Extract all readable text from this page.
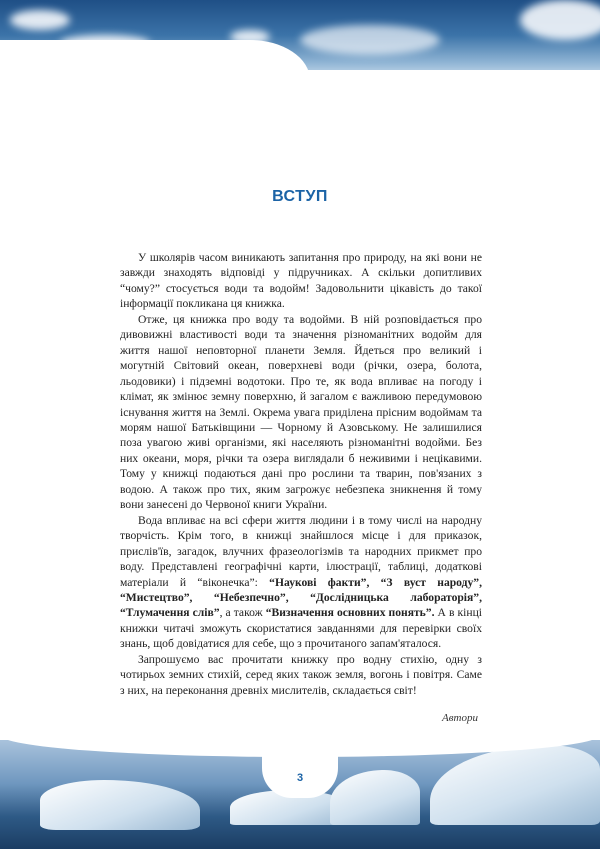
ВСТУП

У школярів часом виникають запитання про природу, на які вони не завжди знаходять відповіді у підручниках. А скільки допитливих “чому?” стосується води та водойм! Задовольнити цікавість до такої інформації покликана ця книжка.

Отже, ця книжка про воду та водойми. В ній розповідається про дивовижні властивості води та значення різноманітних водойм для життя нашої неповторної планети Земля. Йдеться про великий і могутній Світовий океан, поверхневі води (річки, озера, болота, льодовики) і підземні водотоки. Про те, як вода впливає на погоду і клімат, як змінює земну поверхню, й загалом є важливою передумовою існування життя на Землі. Окрема увага приділена прісним водоймам та морям нашої Батьківщини — Чорному й Азовському. Не залишилися поза увагою живі організми, які населяють різноманітні водойми. Без них океани, моря, річки та озера виглядали б неживими і нецікавими. Тому у книжці подаються дані про рослини та тварин, пов'язаних з водою. А також про тих, яким загрожує небезпека зникнення й тому вони занесені до Червоної книги України.

Вода впливає на всі сфери життя людини і в тому числі на народну творчість. Крім того, в книжці знайшлося місце і для приказок, прислів'їв, загадок, влучних фразеологізмів та народних прикмет про воду. Представлені географічні карти, ілюстрації, таблиці, додаткові матеріали й “віконечка”: “Наукові факти”, “З вуст народу”, “Мистецтво”, “Небезпечно”, “Дослідницька лабораторія”, “Тлумачення слів”, а також “Визначення основних понять”. А в кінці книжки читачі зможуть скористатися завданнями для перевірки своїх знань, щоб довідатися для себе, що з прочитаного запам'яталося.

Запрошуємо вас прочитати книжку про водну стихію, одну з чотирьох земних стихій, серед яких також земля, вогонь і повітря. Саме з них, на переконання древніх мислителів, складається світ!

Автори
3
